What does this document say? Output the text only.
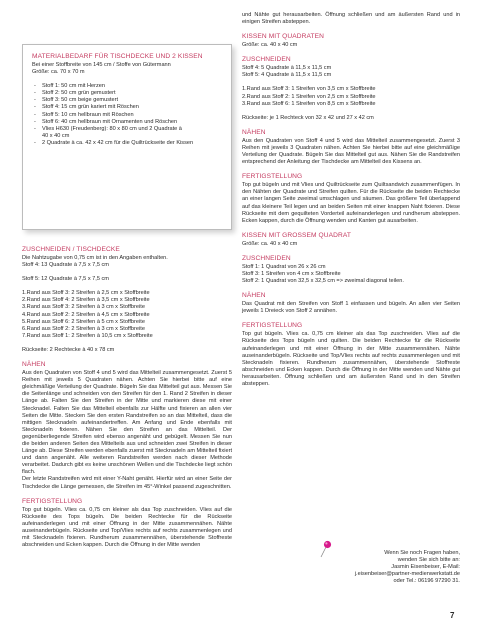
MATERIALBEDARF FÜR TISCHDECKE UND 2 KISSEN

Bei einer Stoffbreite von 145 cm / Stoffe von Gütermann

Größe: ca. 70 x 70 m

- Stoff 1: 50 cm mit Herzen

- Stoff 2: 50 cm grün gemustert

- Stoff 3: 50 cm beige gemustert

- Stoff 4: 15 cm grün kariert mit Röschen

- Stoff 5: 10 cm hellbraun mit Röschen

- Stoff 6: 40 cm hellbraun mit Ornamenten und Röschen

- Vlies H630 (Freudenberg): 80 x 80 cm und 2 Quadrate à

40 x 40 cm

- 2 Quadrate à ca. 42 x 42 cm für die Quiltrückseite der Kissen

ZUSCHNEIDEN / TISCHDECKE

Die Nahtzugabe von 0,75 cm ist in den Angaben enthalten.

Stoff 4: 13 Quadrate à 7,5 x 7,5 cm

Stoff 5: 12 Quadrate à 7,5 x 7,5 cm

1.Rand aus Stoff 3: 2 Streifen à 2,5 cm x Stoffbreite

2.Rand aus Stoff 4: 2 Streifen à 3,5 cm x Stoffbreite

3.Rand aus Stoff 3: 2 Streifen à 3 cm x Stoffbreite

4.Rand aus Stoff 2: 2 Streifen à 4,5 cm x Stoffbreite

5.Rand aus Stoff 6: 2 Streifen à 5 cm x Stoffbreite

6.Rand aus Stoff 2: 2 Streifen à 3 cm x Stoffbreite

7.Rand aus Stoff 1: 2 Streifen à 10,5 cm x Stoffbreite

Rückseite: 2 Rechtecke à 40 x 78 cm

NÄHEN

Aus den Quadraten von Stoff 4 und 5 wird das Mittelteil zusammengesetzt. Zuerst 5 Reihen mit jeweils 5 Quadraten nähen. Achten Sie hierbei bitte auf eine gleichmäßige Verteilung der Quadrate. Bügeln Sie das Mittelteil gut aus. Messen Sie die Seitenlänge und schneiden von den Streifen für den 1. Rand 2 Streifen in dieser Länge ab. Falten Sie den Streifen in der Mitte und markieren diese mit einer Stecknadel. Falten Sie das Mittelteil ebenfalls zur Hälfte und fixieren an allen vier Seiten die Mitte. Stecken Sie den ersten Randstreifen so an das Mittelteil, dass die mittigen Stecknadeln aufeinandertreffen. Am Anfang und Ende ebenfalls mit Stecknadeln fixieren. Nähen Sie den Streifen an das Mittelteil. Der gegenüberliegende Streifen wird ebenso angenäht und gebügelt. Messen Sie nun die beiden anderen Seiten des Mittelteils aus und schneiden zwei Streifen in dieser Länge ab. Diese Streifen werden ebenfalls zuerst mit Stecknadeln am Mittelteil fixiert und dann angenäht. Alle weiteren Randstreifen werden nach dieser Methode verarbeitet. Dadurch gibt es keine unschönen Wellen und die Tischdecke liegt schön flach.

Der letzte Randstreifen wird mit einer Y-Naht genäht. Hierfür wird an einer Seite der Tischdecke die Länge gemessen, die Streifen im 45°-Winkel passend zugeschnitten.

FERTIGSTELLUNG

Top gut bügeln. Vlies ca. 0,75 cm kleiner als das Top zuschneiden. Vlies auf die Rückseite des Tops bügeln. Die beiden Rechtecke für die Rückseite aufeinanderlegen und mit einer Öffnung in der Mitte zusammennähen. Nähte auseinanderbügeln. Rückseite und Top/Vlies rechts auf rechts zusammenlegen und mit Stecknadeln fixieren. Rundherum zusammennähen, überstehende Stoffreste abschneiden und Ecken kappen. Durch die Öffnung in der Mitte wenden

und Nähte gut herausarbeiten. Öffnung schließen und am äußersten Rand und in einigen Streifen absteppen.

KISSEN MIT QUADRATEN

Größe: ca. 40 x 40 cm

ZUSCHNEIDEN

Stoff 4: 5 Quadrate à 11,5 x 11,5 cm

Stoff 5: 4 Quadrate à 11,5 x 11,5 cm

1.Rand aus Stoff 3: 1 Streifen von 3,5 cm x Stoffbreite

2.Rand aus Stoff 2: 1 Streifen von 2,5 cm x Stoffbreite

3.Rand aus Stoff 6: 1 Streifen von 8,5 cm x Stoffbreite

Rückseite: je 1 Rechteck von 32 x 42 und 27 x 42 cm

NÄHEN

Aus den Quadraten von Stoff 4 und 5 wird das Mittelteil zusammengesetzt. Zuerst 3 Reihen mit jeweils 3 Quadraten nähen. Achten Sie hierbei bitte auf eine gleichmäßige Verteilung der Quadrate. Bügeln Sie das Mittelteil gut aus. Nähen Sie die Randstreifen entsprechend der Anleitung der Tischdecke am Mittelteil des Kissens an.

FERTIGSTELLUNG

Top gut bügeln und mit Vlies und Quiltrückseite zum Quiltsandwich zusammenfügen. In den Nähten der Quadrate und Streifen quilten. Für die Rückseite die beiden Rechtecke an einer langen Seite zweimal umschlagen und säumen. Das größere Teil überlappend auf das kleinere Teil legen und an beiden Seiten mit einer knappen Naht fixieren. Diese Rückseite mit dem gequilteten Vorderteil aufeinanderlegen und rundherum absteppen. Ecken kappen, durch die Öffnung wenden und Kanten gut ausarbeiten.

KISSEN MIT GROSSEM QUADRAT

Größe: ca. 40 x 40 cm

ZUSCHNEIDEN

Stoff 1: 1 Quadrat von 26 x 26 cm

Stoff 3: 1 Streifen von 4 cm x Stoffbreite

Stoff 2: 1 Quadrat von 32,5 x 32,5 cm => zweimal diagonal teilen.

NÄHEN

Das Quadrat mit den Streifen von Stoff 1 einfassen und bügeln. An allen vier Seiten jeweils 1 Dreieck von Stoff 2 annähen.

FERTIGSTELLUNG

Top gut bügeln. Vlies ca. 0,75 cm kleiner als das Top zuschneiden. Vlies auf die Rückseite des Tops bügeln und quilten. Die beiden Rechtecke für die Rückseite aufeinanderlegen und mit einer Öffnung in der Mitte zusammennähen. Nähte auseinanderbügeln. Rückseite und Top/Vlies rechts auf rechts zusammenlegen und mit Stecknadeln fixieren. Rundherum zusammennähen, überstehende Stoffreste abschneiden und Ecken kappen. Durch die Öffnung in der Mitte wenden und Nähte gut herausarbeiten. Öffnung schließen und am äußersten Rand und in den Streifen absteppen.

Wenn Sie noch Fragen haben,

wenden Sie sich bitte an:

Jasmin Eisenbeiser, E-Mail:

j.eisenbeiser@partner-medienwerkstatt.de

oder Tel.: 06196 97290 31.

7
